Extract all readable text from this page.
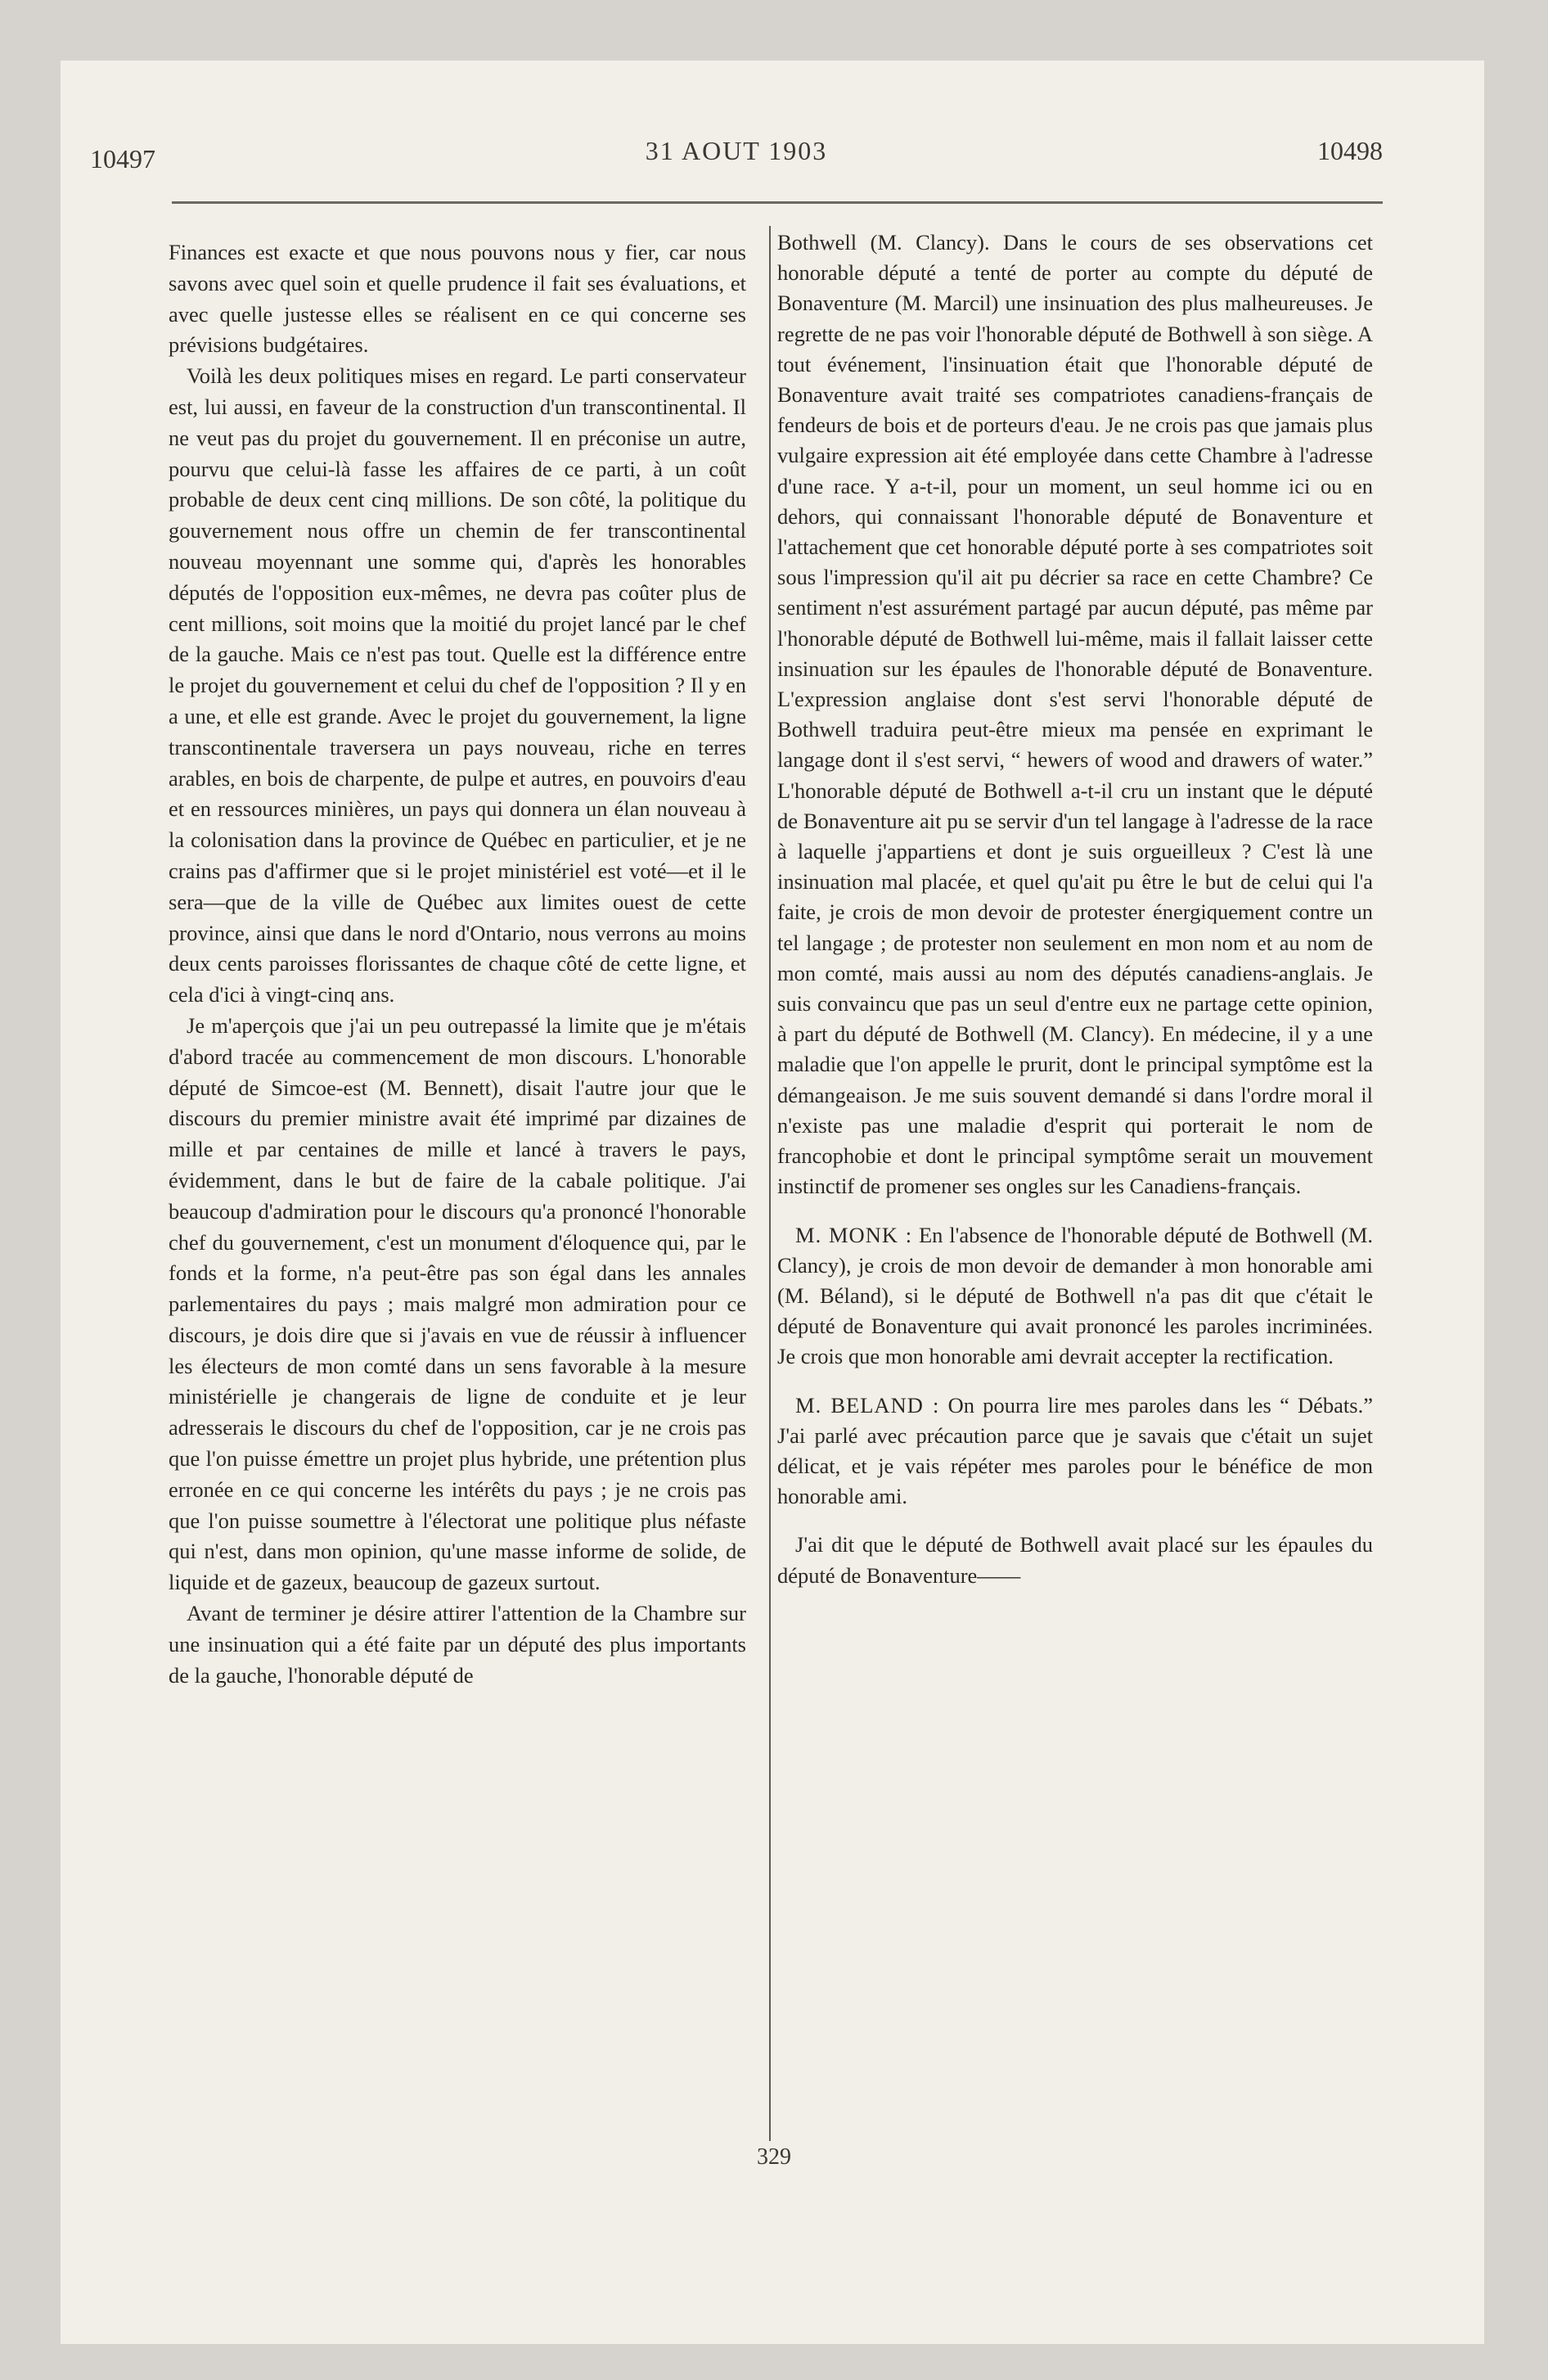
10497	31 AOUT 1903	10498

Finances est exacte et que nous pouvons nous y fier, car nous savons avec quel soin et quelle prudence il fait ses évaluations, et avec quelle justesse elles se réalisent en ce qui concerne ses prévisions budgétaires.

Voilà les deux politiques mises en regard. Le parti conservateur est, lui aussi, en faveur de la construction d'un transcontinental. Il ne veut pas du projet du gouvernement. Il en préconise un autre, pourvu que celui-là fasse les affaires de ce parti, à un coût probable de deux cent cinq millions. De son côté, la politique du gouvernement nous offre un chemin de fer transcontinental nouveau moyennant une somme qui, d'après les honorables députés de l'opposition eux-mêmes, ne devra pas coûter plus de cent millions, soit moins que la moitié du projet lancé par le chef de la gauche. Mais ce n'est pas tout. Quelle est la différence entre le projet du gouvernement et celui du chef de l'opposition ? Il y en a une, et elle est grande. Avec le projet du gouvernement, la ligne transcontinentale traversera un pays nouveau, riche en terres arables, en bois de charpente, de pulpe et autres, en pouvoirs d'eau et en ressources minières, un pays qui donnera un élan nouveau à la colonisation dans la province de Québec en particulier, et je ne crains pas d'affirmer que si le projet ministériel est voté—et il le sera—que de la ville de Québec aux limites ouest de cette province, ainsi que dans le nord d'Ontario, nous verrons au moins deux cents paroisses florissantes de chaque côté de cette ligne, et cela d'ici à vingt-cinq ans.

Je m'aperçois que j'ai un peu outrepassé la limite que je m'étais d'abord tracée au commencement de mon discours. L'honorable député de Simcoe-est (M. Bennett), disait l'autre jour que le discours du premier ministre avait été imprimé par dizaines de mille et par centaines de mille et lancé à travers le pays, évidemment, dans le but de faire de la cabale politique. J'ai beaucoup d'admiration pour le discours qu'a prononcé l'honorable chef du gouvernement, c'est un monument d'éloquence qui, par le fonds et la forme, n'a peut-être pas son égal dans les annales parlementaires du pays ; mais malgré mon admiration pour ce discours, je dois dire que si j'avais en vue de réussir à influencer les électeurs de mon comté dans un sens favorable à la mesure ministérielle je changerais de ligne de conduite et je leur adresserais le discours du chef de l'opposition, car je ne crois pas que l'on puisse émettre un projet plus hybride, une prétention plus erronée en ce qui concerne les intérêts du pays ; je ne crois pas que l'on puisse soumettre à l'électorat une politique plus néfaste qui n'est, dans mon opinion, qu'une masse informe de solide, de liquide et de gazeux, beaucoup de gazeux surtout.

Avant de terminer je désire attirer l'attention de la Chambre sur une insinuation qui a été faite par un député des plus importants de la gauche, l'honorable député de

Bothwell (M. Clancy). Dans le cours de ses observations cet honorable député a tenté de porter au compte du député de Bonaventure (M. Marcil) une insinuation des plus malheureuses. Je regrette de ne pas voir l'honorable député de Bothwell à son siège. A tout événement, l'insinuation était que l'honorable député de Bonaventure avait traité ses compatriotes canadiens-français de fendeurs de bois et de porteurs d'eau. Je ne crois pas que jamais plus vulgaire expression ait été employée dans cette Chambre à l'adresse d'une race. Y a-t-il, pour un moment, un seul homme ici ou en dehors, qui connaissant l'honorable député de Bonaventure et l'attachement que cet honorable député porte à ses compatriotes soit sous l'impression qu'il ait pu décrier sa race en cette Chambre? Ce sentiment n'est assurément partagé par aucun député, pas même par l'honorable député de Bothwell lui-même, mais il fallait laisser cette insinuation sur les épaules de l'honorable député de Bonaventure. L'expression anglaise dont s'est servi l'honorable député de Bothwell traduira peut-être mieux ma pensée en exprimant le langage dont il s'est servi, “ hewers of wood and drawers of water.” L'honorable député de Bothwell a-t-il cru un instant que le député de Bonaventure ait pu se servir d'un tel langage à l'adresse de la race à laquelle j'appartiens et dont je suis orgueilleux ? C'est là une insinuation mal placée, et quel qu'ait pu être le but de celui qui l'a faite, je crois de mon devoir de protester énergiquement contre un tel langage ; de protester non seulement en mon nom et au nom de mon comté, mais aussi au nom des députés canadiens-anglais. Je suis convaincu que pas un seul d'entre eux ne partage cette opinion, à part du député de Bothwell (M. Clancy). En médecine, il y a une maladie que l'on appelle le prurit, dont le principal symptôme est la démangeaison. Je me suis souvent demandé si dans l'ordre moral il n'existe pas une maladie d'esprit qui porterait le nom de francophobie et dont le principal symptôme serait un mouvement instinctif de promener ses ongles sur les Canadiens-français.

M. MONK : En l'absence de l'honorable député de Bothwell (M. Clancy), je crois de mon devoir de demander à mon honorable ami (M. Béland), si le député de Bothwell n'a pas dit que c'était le député de Bonaventure qui avait prononcé les paroles incriminées. Je crois que mon honorable ami devrait accepter la rectification.

M. BELAND : On pourra lire mes paroles dans les “ Débats.” J'ai parlé avec précaution parce que je savais que c'était un sujet délicat, et je vais répéter mes paroles pour le bénéfice de mon honorable ami.

J'ai dit que le député de Bothwell avait placé sur les épaules du député de Bonaventure——

329
